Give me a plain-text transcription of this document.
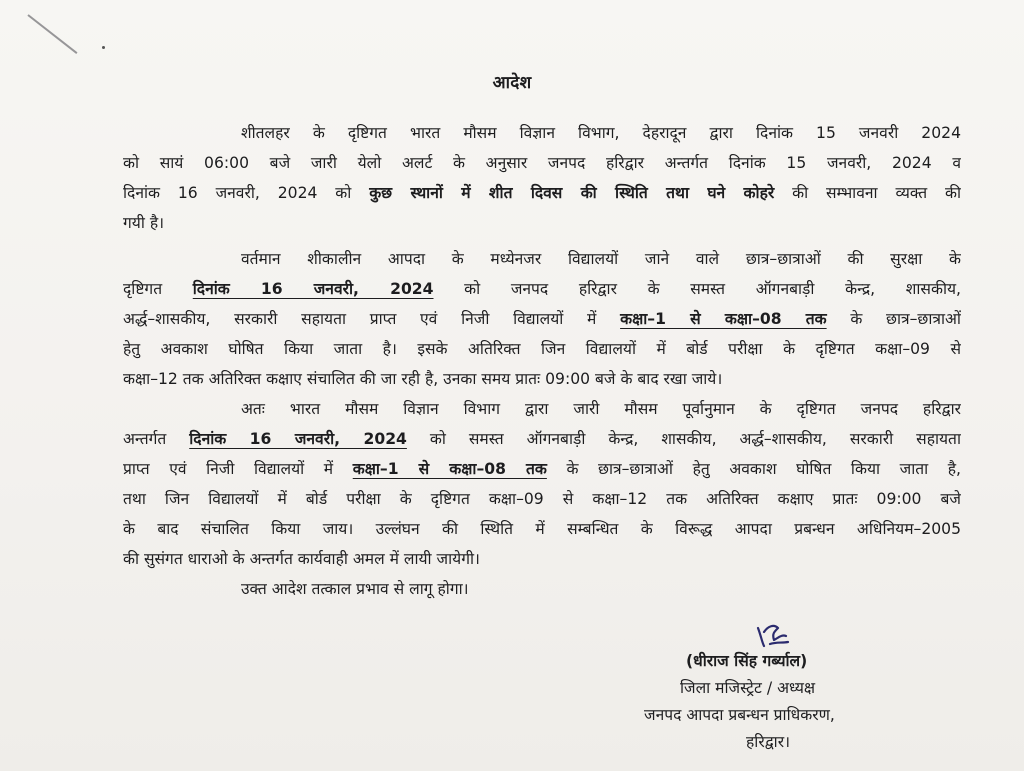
आदेश
शीतलहर के दृष्टिगत भारत मौसम विज्ञान विभाग, देहरादून द्वारा दिनांक 15 जनवरी 2024
को सायं 06:00 बजे जारी येलो अलर्ट के अनुसार जनपद हरिद्वार अन्तर्गत दिनांक 15 जनवरी, 2024 व
दिनांक 16 जनवरी, 2024 को कुछ स्थानों में शीत दिवस की स्थिति तथा घने कोहरे की सम्भावना व्यक्त की
गयी है।
वर्तमान शीकालीन आपदा के मध्येनजर विद्यालयों जाने वाले छात्र–छात्राओं की सुरक्षा के
दृष्टिगत दिनांक 16 जनवरी, 2024 को जनपद हरिद्वार के समस्त ऑगनबाड़ी केन्द्र, शासकीय,
अर्द्ध–शासकीय, सरकारी सहायता प्राप्त एवं निजी विद्यालयों में कक्षा–1 से कक्षा–08 तक के छात्र–छात्राओं
हेतु अवकाश घोषित किया जाता है। इसके अतिरिक्त जिन विद्यालयों में बोर्ड परीक्षा के दृष्टिगत कक्षा–09 से
कक्षा–12 तक अतिरिक्त कक्षाए संचालित की जा रही है, उनका समय प्रातः 09:00 बजे के बाद रखा जाये।
अतः भारत मौसम विज्ञान विभाग द्वारा जारी मौसम पूर्वानुमान के दृष्टिगत जनपद हरिद्वार
अन्तर्गत दिनांक 16 जनवरी, 2024 को समस्त ऑगनबाड़ी केन्द्र, शासकीय, अर्द्ध–शासकीय, सरकारी सहायता
प्राप्त एवं निजी विद्यालयों में कक्षा–1 से कक्षा–08 तक के छात्र–छात्राओं हेतु अवकाश घोषित किया जाता है,
तथा जिन विद्यालयों में बोर्ड परीक्षा के दृष्टिगत कक्षा–09 से कक्षा–12 तक अतिरिक्त कक्षाए प्रातः 09:00 बजे
के बाद संचालित किया जाय। उल्लंघन की स्थिति में सम्बन्धित के विरूद्ध आपदा प्रबन्धन अधिनियम–2005
की सुसंगत धाराओ के अन्तर्गत कार्यवाही अमल में लायी जायेगी।
उक्त आदेश तत्काल प्रभाव से लागू होगा।
(धीराज सिंह गर्ब्याल)
जिला मजिस्ट्रेट / अध्यक्ष
जनपद आपदा प्रबन्धन प्राधिकरण,
हरिद्वार।
